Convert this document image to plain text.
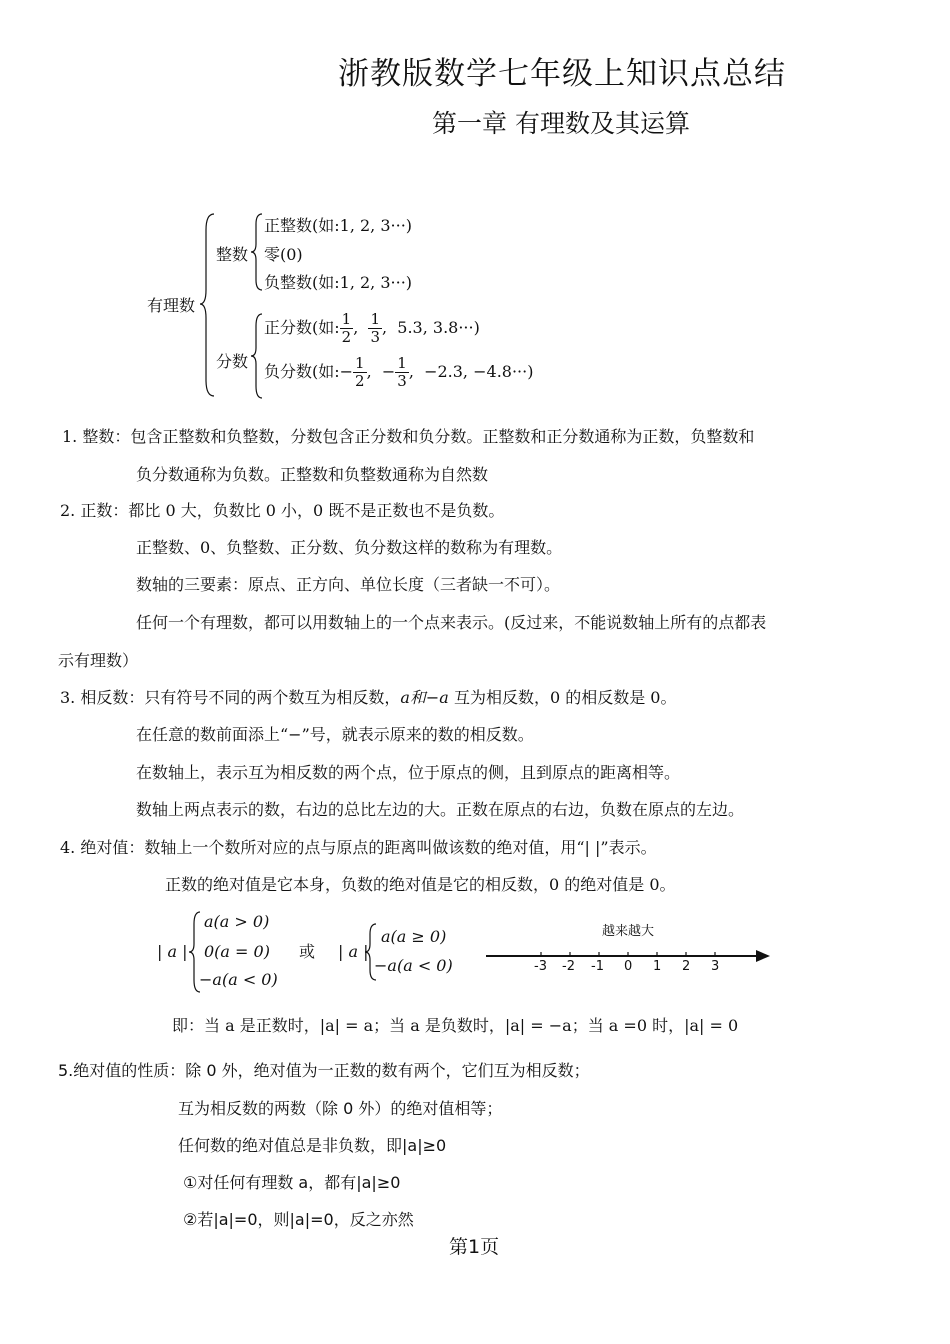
浙教版数学七年级上知识点总结
第一章 有理数及其运算
有理数
整数
正整数(如:1, 2, 3···)
零(0)
负整数(如:1, 2, 3···)
分数
正分数(如: $\frac{1}{2}$ , $\frac{1}{3}$ ,  5.3, 3.8···)
负分数(如:− $\frac{1}{2}$ ,  − $\frac{1}{3}$ ,  −2.3, −4.8···)
1. 整数：包含正整数和负整数，分数包含正分数和负分数。正整数和正分数通称为正数，负整数和
负分数通称为负数。正整数和负整数通称为自然数
2. 正数：都比 0 大，负数比 0 小，0 既不是正数也不是负数。
正整数、0、负整数、正分数、负分数这样的数称为有理数。
数轴的三要素：原点、正方向、单位长度（三者缺一不可）。
任何一个有理数，都可以用数轴上的一个点来表示。(反过来，不能说数轴上所有的点都表
示有理数）
3. 相反数：只有符号不同的两个数互为相反数，a和−a 互为相反数，0 的相反数是 0。
在任意的数前面添上“−”号，就表示原来的数的相反数。
在数轴上，表示互为相反数的两个点，位于原点的侧，且到原点的距离相等。
数轴上两点表示的数，右边的总比左边的大。正数在原点的右边，负数在原点的左边。
4. 绝对值：数轴上一个数所对应的点与原点的距离叫做该数的绝对值，用“| |”表示。
正数的绝对值是它本身，负数的绝对值是它的相反数，0 的绝对值是 0。
| a |
a(a > 0)
0(a = 0)
−a(a < 0)
或 | a |
a(a ≥ 0)
−a(a < 0)
越来越大
-3 -2 -1 0 1 2 3
即：当 a 是正数时，|a| = a；当 a 是负数时，|a| = −a；当 a =0 时，|a| = 0
5.绝对值的性质：除 0 外，绝对值为一正数的数有两个，它们互为相反数；
互为相反数的两数（除 0 外）的绝对值相等；
任何数的绝对值总是非负数，即|a|≥0
①对任何有理数 a，都有|a|≥0
②若|a|=0，则|a|=0，反之亦然
第1页
